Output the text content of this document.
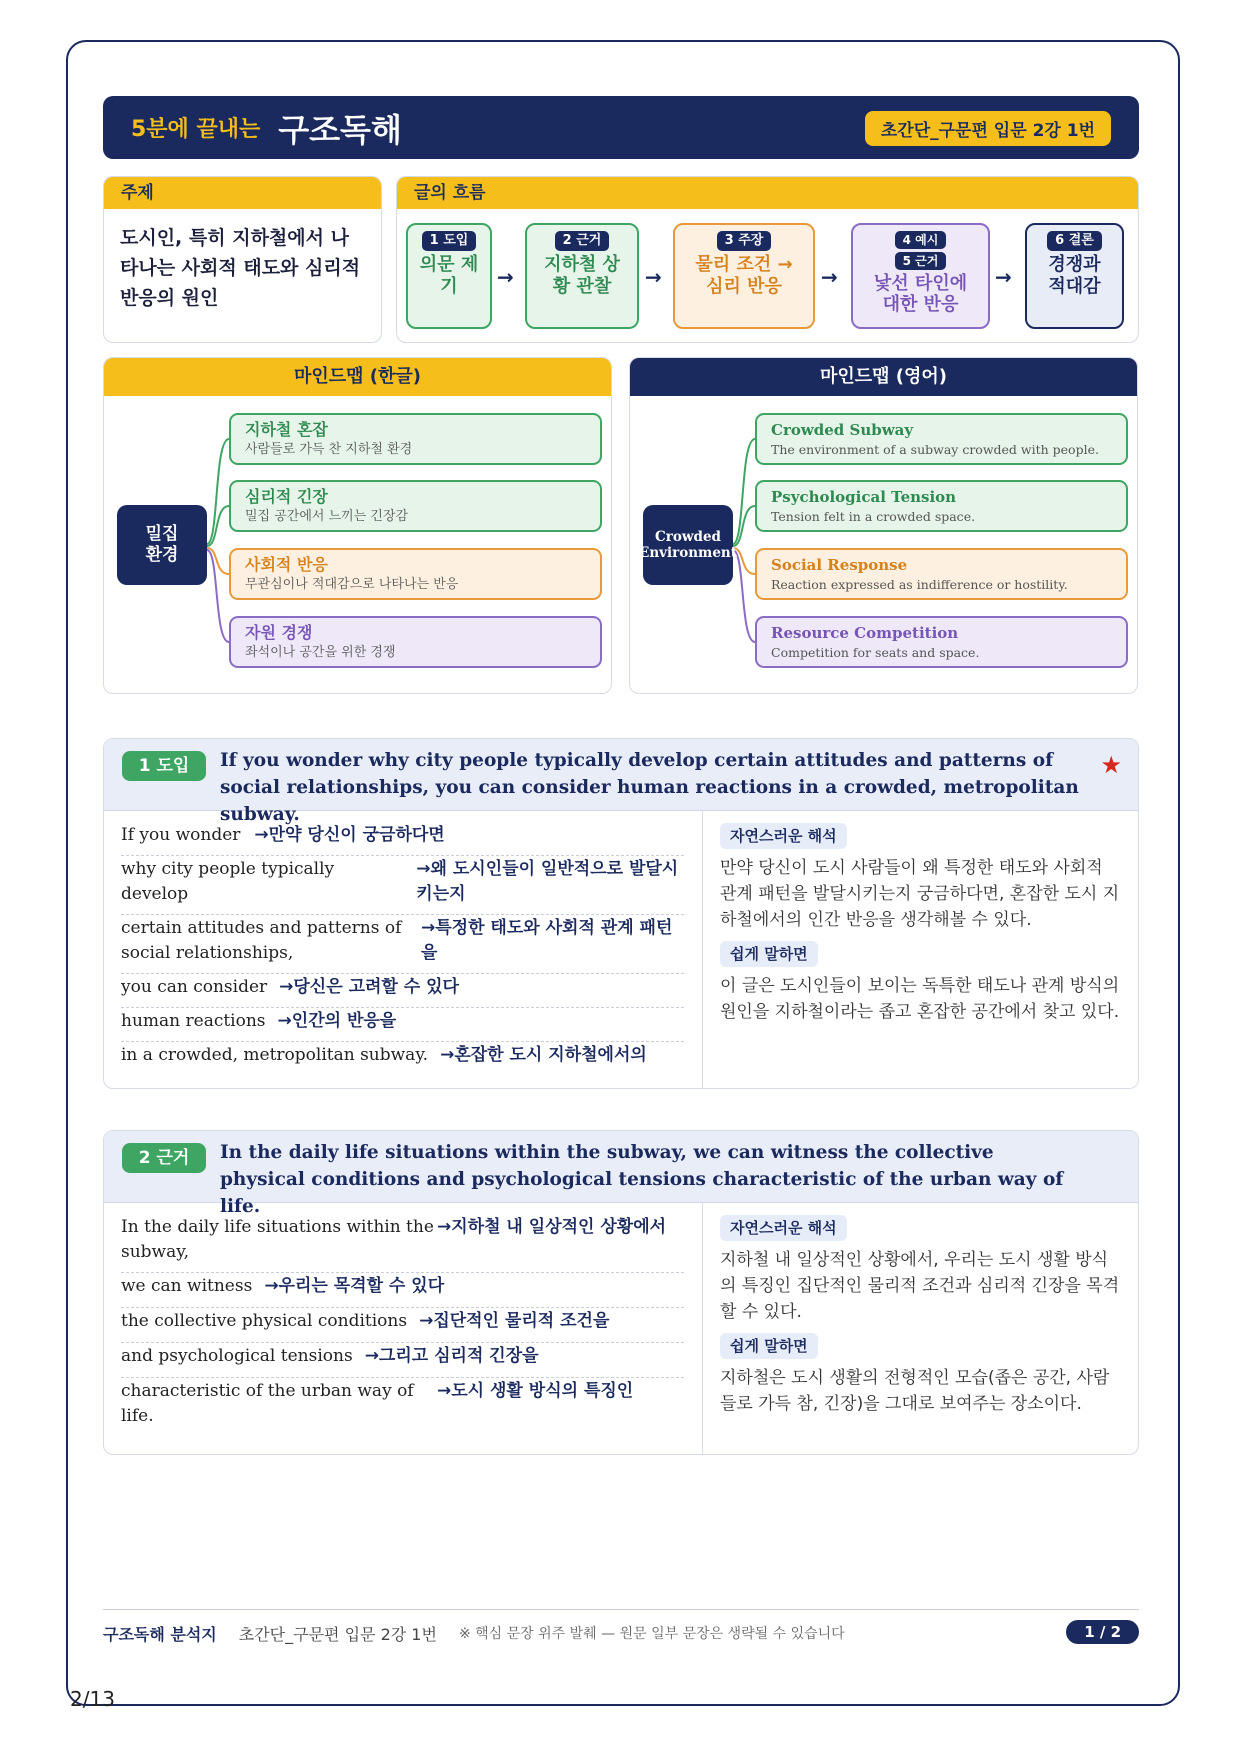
5분에 끝내는 구조독해	초간단_구문편 입문 2강 1번
주제
도시인, 특히 지하철에서 나타나는 사회적 태도와 심리적 반응의 원인
글의 흐름
1 도입
의문 제기	→
2 근거
지하철 상황 관찰	→
3 주장
물리 조건 → 심리 반응	→
4 예시
5 근거
낯선 타인에 대한 반응
→
6 결론
경쟁과 적대감
마인드맵 (한글)
밀집 환경
지하철 혼잡
사람들로 가득 찬 지하철 환경
심리적 긴장
밀집 공간에서 느끼는 긴장감
사회적 반응
무관심이나 적대감으로 나타나는 반응
자원 경쟁
좌석이나 공간을 위한 경쟁
마인드맵 (영어)
Crowded Environment
Crowded Subway
The environment of a subway crowded with people.
Psychological Tension
Tension felt in a crowded space.
Social Response
Reaction expressed as indifference or hostility.
Resource Competition
Competition for seats and space.
1 도입	If you wonder why city people typically develop certain attitudes and patterns of social relationships, you can consider human reactions in a crowded, metropolitan subway.
★
If you wonder →만약 당신이 궁금하다면
why city people typically develop
→왜 도시인들이 일반적으로 발달시키는지
certain attitudes and patterns of social relationships,
→특정한 태도와 사회적 관계 패턴을
you can consider →당신은 고려할 수 있다
human reactions →인간의 반응을
in a crowded, metropolitan subway. →혼잡한 도시 지하철에서의
자연스러운 해석
만약 당신이 도시 사람들이 왜 특정한 태도와 사회적 관계 패턴을 발달시키는지 궁금하다면, 혼잡한 도시 지하철에서의 인간 반응을 생각해볼 수 있다.
쉽게 말하면
이 글은 도시인들이 보이는 독특한 태도나 관계 방식의 원인을 지하철이라는 좁고 혼잡한 공간에서 찾고 있다.
2 근거	In the daily life situations within the subway, we can witness the collective physical conditions and psychological tensions characteristic of the urban way of life.
In the daily life situations within the subway,
→지하철 내 일상적인 상황에서
we can witness →우리는 목격할 수 있다
the collective physical conditions →집단적인 물리적 조건을
and psychological tensions →그리고 심리적 긴장을
characteristic of the urban way of life.
→도시 생활 방식의 특징인
자연스러운 해석
지하철 내 일상적인 상황에서, 우리는 도시 생활 방식의 특징인 집단적인 물리적 조건과 심리적 긴장을 목격할 수 있다.
쉽게 말하면
지하철은 도시 생활의 전형적인 모습(좁은 공간, 사람들로 가득 참, 긴장)을 그대로 보여주는 장소이다.
구조독해 분석지 초간단_구문편 입문 2강 1번 ※ 핵심 문장 위주 발췌 — 원문 일부 문장은 생략될 수 있습니다	1 / 2
2/13
